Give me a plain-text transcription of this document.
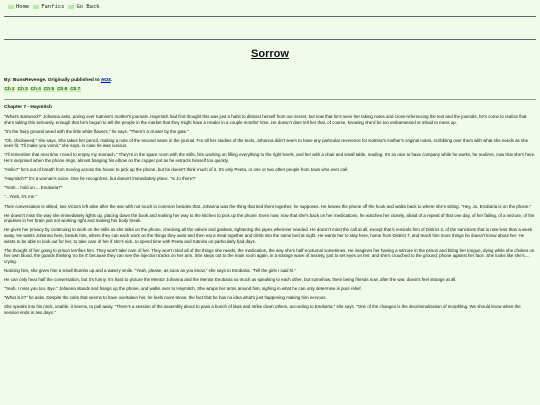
Home Fanfics Go Back
Sorrow

By: BunsRevenge. Originally published to AO3.

Ch 2 Ch 3 Ch 4 Ch 5 Ch 6 Ch 7

Chapter 7 - Haymitch

"What's starwood?" Johanna asks, poring over Katniss's mother's journals. Haymitch had first thought this was just a habit to distract herself from our secret, but now that he's seen her taking notes and cross-referencing the text and the journals, he's come to realize that she's taking this seriously, enough that he's begun to tell the people in the market that they might have a Healer in a couple months' time. He doesn't dare tell her that, of course, knowing she'd be too embarrassed or afraid to mess up.

"It's the hairy ground weed with the little white flowers," he says. "There's a cluster by the gate."

"Oh, chickweed," she says. She takes her pencil, making a note of the second name in the journal. For all her studies of the texts, Johanna didn't seem to have any particular reverence for Katniss's mother's original notes, scribbling over them with what she needs as she sees fit. "I'll make you vomit," she says, in case he was curious.

"I'll remember that next time I need to empty my stomach." They're in the spare room with the stills, him working on filling everything to the right levels, and her with a chair and small table, reading. It's so nice to have company while he works, he realizes, now that she's here. He's surprised when the phone rings, almost banging his elbow on the copper pot as he extracts himself too quickly.

"Hello?" he's out of breath from moving across the house to pick up the phone, but he doesn't think much of it. It's only Peeta, or one or two other people from town who ever call.

"Haymitch?" It's a woman's voice. One he recognizes, but doesn't immediately place. "Is Jo there?"

"Yeah... hold on.... Enobaria?"

"...Yeah, it's me."

Their conversation is stilted, two Victors left alive after the war with not much in common besides that. Johanna was the thing that tied them together, he supposes. He leaves the phone off the hook and walks back to where she's sitting. "Hey, Jo. Enobaria is on the phone."

He doesn't miss the way she immediately lights up, placing down the book and making her way to the kitchen to pick up the phone. Even now, now that she's back on her medications, he watches her closely, afraid of a repeat of that one day, of her failing, of a seizure, of the impulses in her brain just not working right and making her body break.

He gives her privacy by continuing to work on the stills as she talks on the phone, checking all the valves and gaskets, tightening the pipes wherever needed. He doesn't mind the call at all, except that it reminds him of District 2, of the sanctions that is now less than a week away. He wants Johanna here, beside him, where they can each work on the things they want and then eat a meal together and climb into the same bed at night. He wants her to stay here, home from District 7, and teach him more things he doesn't know about her. He wants to be able to look out for her, to take care of her if she's sick, to spend time with Peeta and Katniss on particularly bad days.

The thought of her going to prison terrifies him. They won't take care of her. They won't mind all of the things she needs, the medication, the way she's half-nocturnal sometimes. He imagines her having a seizure in the prison and biting her tongue, dying while she chokes on her own blood, the guards thinking 'so be it' because they can see the injection tracks on her arm. She steps out to the main room again, in a strange wave of anxiety, just to set eyes on her, and she's crouched to the ground, phone against her face. She looks like she's.... crying.

Noticing him, she gives him a small thumbs up and a watery smile. "Yeah, please, as soon as you know," she says to Enobaria. "Tell the girls I said hi."

He can only hear half the conversation, but it's funny. It's hard to picture the Mentor Johanna and the Mentor Enobaria so much as speaking to each other, but somehow, them being friends now, after the war, doesn't feel strange at all.

"Yeah, I miss you too. Bye." Johanna stands and hangs up the phone, and walks over to Haymitch. She wraps her arms around him, sighing in what he can only determine is pure relief.

"What is it?" he asks. Despite the calm that seems to have overtaken her, he feels more tense, the fact that he has no idea what's just happening making him nervous.

She speaks into his neck, unable, it seems, to pull away. "There's a session of the assembly about to pass a bunch of laws and strike down others, according to Enobaria," she says. "One of the changes is the decriminalization of morphling. We should know when the session ends in two days."
